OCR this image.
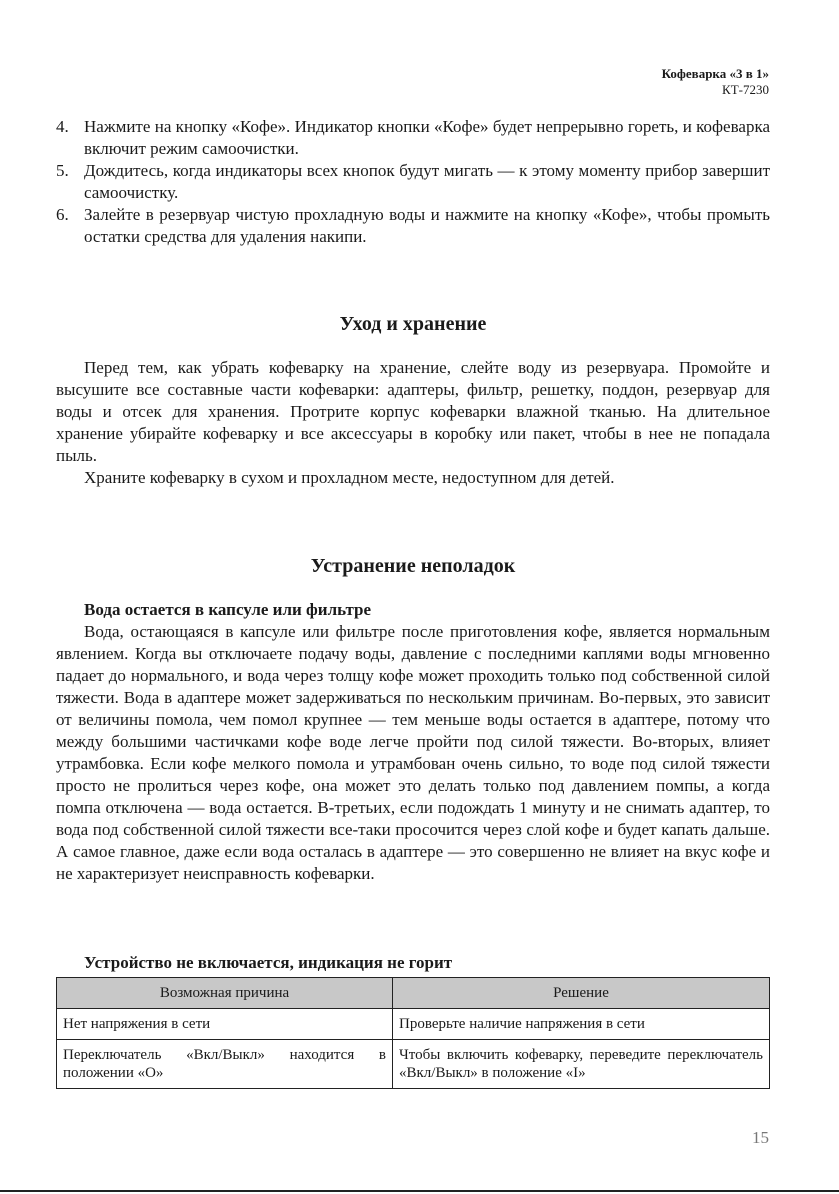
Кофеварка «3 в 1»
КТ-7230
4. Нажмите на кнопку «Кофе». Индикатор кнопки «Кофе» будет непрерывно гореть, и кофеварка включит режим самоочистки.
5. Дождитесь, когда индикаторы всех кнопок будут мигать — к этому моменту прибор завершит самоочистку.
6. Залейте в резервуар чистую прохладную воды и нажмите на кнопку «Кофе», чтобы промыть остатки средства для удаления накипи.
Уход и хранение

Перед тем, как убрать кофеварку на хранение, слейте воду из резервуара. Промойте и высушите все составные части кофеварки: адаптеры, фильтр, решетку, поддон, резервуар для воды и отсек для хранения. Протрите корпус кофеварки влажной тканью. На длительное хранение убирайте кофеварку и все аксессуары в коробку или пакет, чтобы в нее не попадала пыль.

Храните кофеварку в сухом и прохладном месте, недоступном для детей.

Устранение неполадок

Вода остается в капсуле или фильтре

Вода, остающаяся в капсуле или фильтре после приготовления кофе, является нормальным явлением. Когда вы отключаете подачу воды, давление с последними каплями воды мгновенно падает до нормального, и вода через толщу кофе может проходить только под собственной силой тяжести. Вода в адаптере может задерживаться по нескольким причинам. Во-первых, это зависит от величины помола, чем помол крупнее — тем меньше воды остается в адаптере, потому что между большими частичками кофе воде легче пройти под силой тяжести. Во-вторых, влияет утрамбовка. Если кофе мелкого помола и утрамбован очень сильно, то воде под силой тяжести просто не пролиться через кофе, она может это делать только под давлением помпы, а когда помпа отключена — вода остается. В-третьих, если подождать 1 минуту и не снимать адаптер, то вода под собственной силой тяжести все-таки просочится через слой кофе и будет капать дальше. А самое главное, даже если вода осталась в адаптере — это совершенно не влияет на вкус кофе и не характеризует неисправность кофеварки.

Устройство не включается, индикация не горит

Возможная причина	Решение
Нет напряжения в сети	Проверьте наличие напряжения в сети
Переключатель «Вкл/Выкл» находится в положении «О»	Чтобы включить кофеварку, переведите переключатель «Вкл/Выкл» в положение «I»
15
